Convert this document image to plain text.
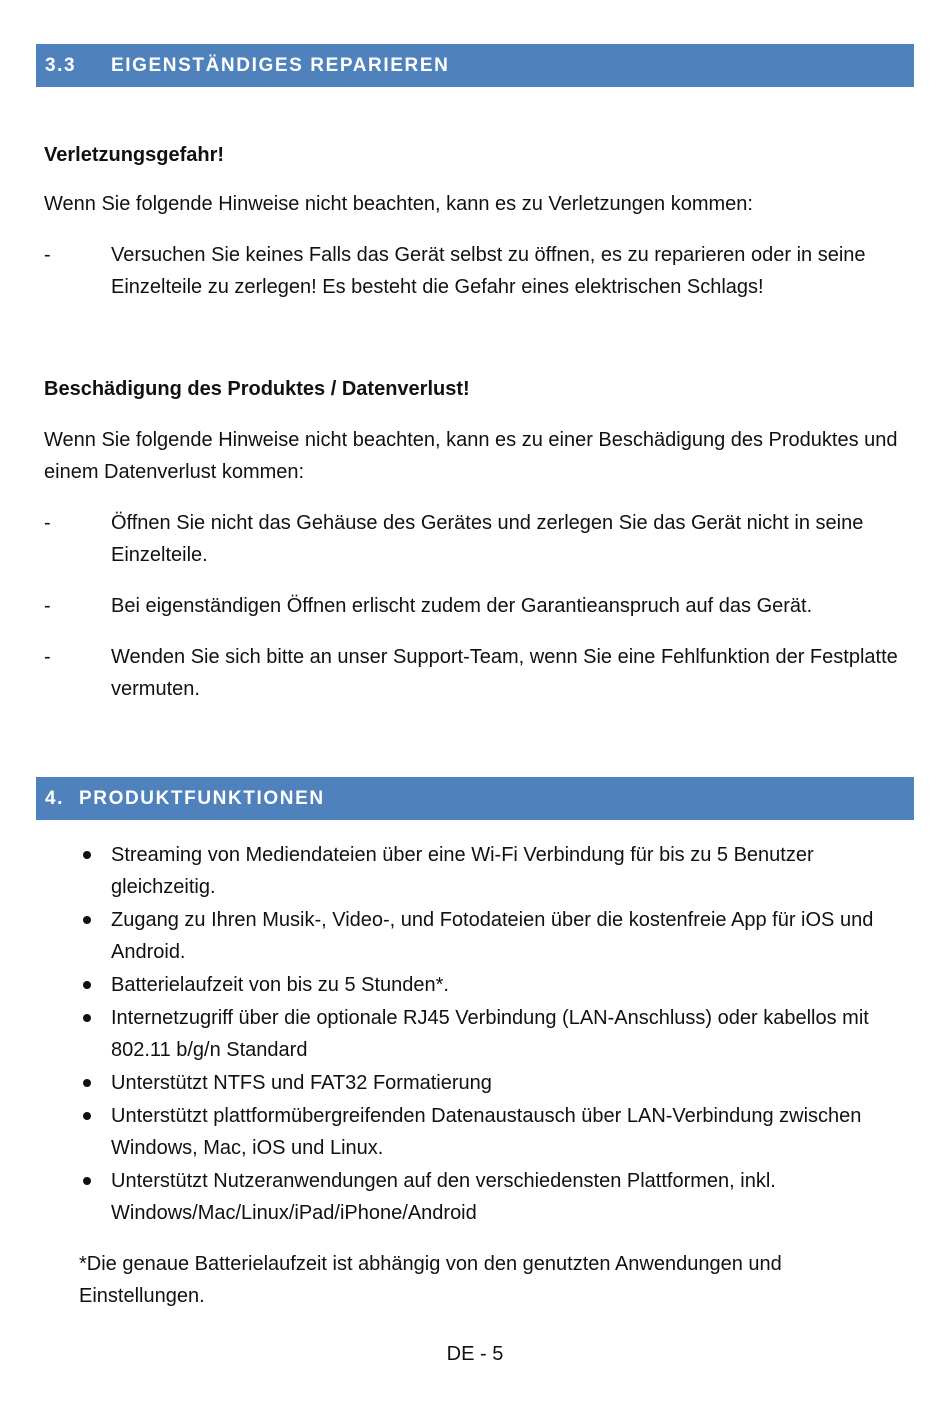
3.3	EIGENSTÄNDIGES REPARIEREN

Verletzungsgefahr!

Wenn Sie folgende Hinweise nicht beachten, kann es zu Verletzungen kommen:

-	Versuchen Sie keines Falls das Gerät selbst zu öffnen, es zu reparieren oder in seine Einzelteile zu zerlegen! Es besteht die Gefahr eines elektrischen Schlags!

Beschädigung des Produktes / Datenverlust!

Wenn Sie folgende Hinweise nicht beachten, kann es zu einer Beschädigung des Produktes und einem Datenverlust kommen:

-	Öffnen Sie nicht das Gehäuse des Gerätes und zerlegen Sie das Gerät nicht in seine Einzelteile.
-	Bei eigenständigen Öffnen erlischt zudem der Garantieanspruch auf das Gerät.
-	Wenden Sie sich bitte an unser Support-Team, wenn Sie eine Fehlfunktion der Festplatte vermuten.
4. PRODUKTFUNKTIONEN
Streaming von Mediendateien über eine Wi-Fi Verbindung für bis zu 5 Benutzer gleichzeitig.
Zugang zu Ihren Musik-, Video-, und Fotodateien über die kostenfreie App für iOS und Android.
Batterielaufzeit von bis zu 5 Stunden*.
Internetzugriff über die optionale RJ45 Verbindung (LAN-Anschluss) oder kabellos mit 802.11 b/g/n Standard
Unterstützt NTFS und FAT32 Formatierung
Unterstützt plattformübergreifenden Datenaustausch über LAN-Verbindung zwischen Windows, Mac, iOS und Linux.
Unterstützt Nutzeranwendungen auf den verschiedensten Plattformen, inkl. Windows/Mac/Linux/iPad/iPhone/Android

*Die genaue Batterielaufzeit ist abhängig von den genutzten Anwendungen und Einstellungen.

DE - 5
